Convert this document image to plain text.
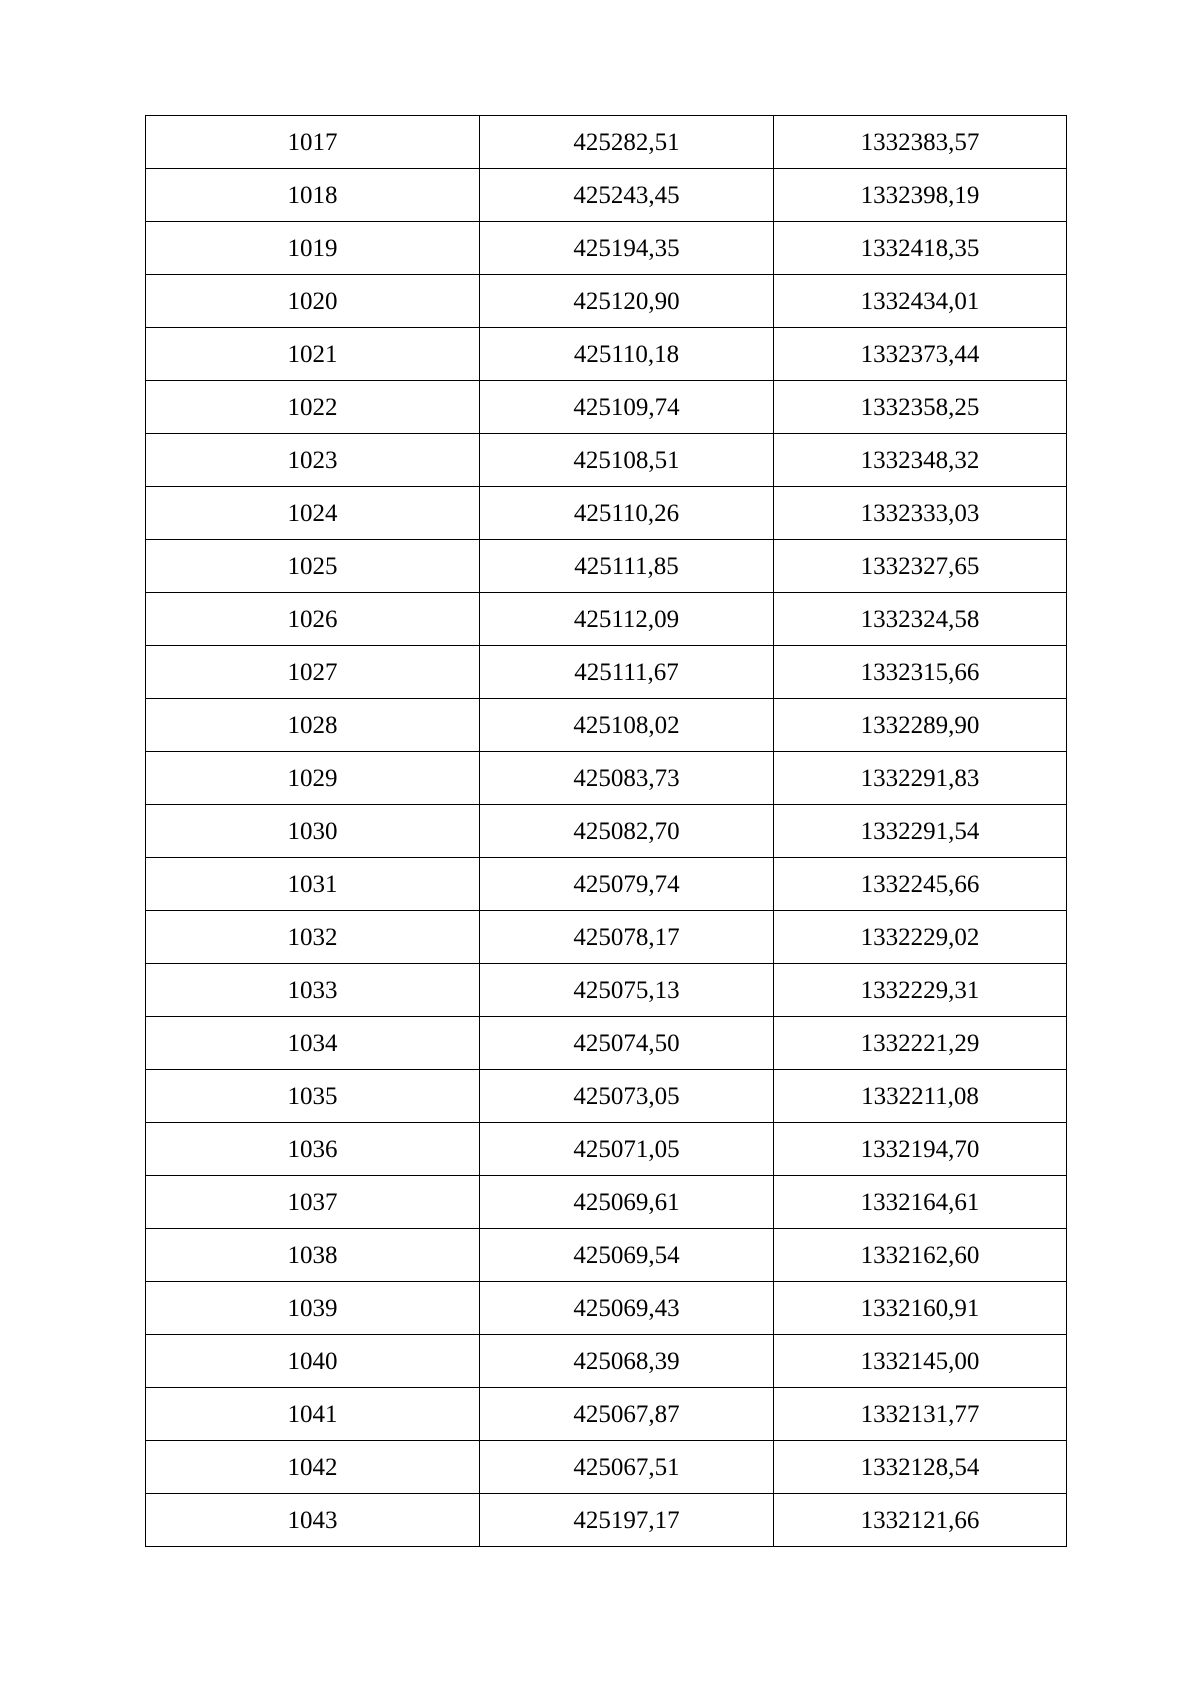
1017	425282,51	1332383,57
1018	425243,45	1332398,19
1019	425194,35	1332418,35
1020	425120,90	1332434,01
1021	425110,18	1332373,44
1022	425109,74	1332358,25
1023	425108,51	1332348,32
1024	425110,26	1332333,03
1025	425111,85	1332327,65
1026	425112,09	1332324,58
1027	425111,67	1332315,66
1028	425108,02	1332289,90
1029	425083,73	1332291,83
1030	425082,70	1332291,54
1031	425079,74	1332245,66
1032	425078,17	1332229,02
1033	425075,13	1332229,31
1034	425074,50	1332221,29
1035	425073,05	1332211,08
1036	425071,05	1332194,70
1037	425069,61	1332164,61
1038	425069,54	1332162,60
1039	425069,43	1332160,91
1040	425068,39	1332145,00
1041	425067,87	1332131,77
1042	425067,51	1332128,54
1043	425197,17	1332121,66
